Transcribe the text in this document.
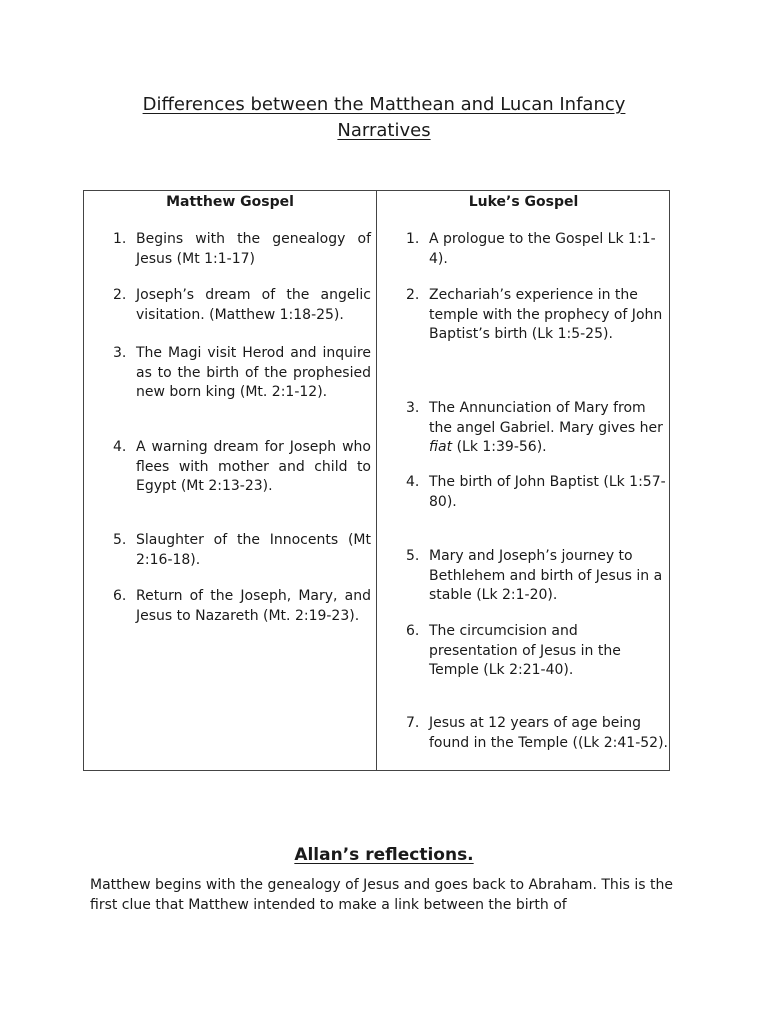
Differences between the Matthean and Lucan Infancy
Narratives
Matthew Gospel
1. Begins with the genealogy of Jesus (Mt 1:1-17)
2. Joseph’s dream of the angelic visitation. (Matthew 1:18-25).
3. The Magi visit Herod and inquire as to the birth of the prophesied new born king (Mt. 2:1-12).
4. A warning dream for Joseph who flees with mother and child to Egypt (Mt 2:13-23).
5. Slaughter of the Innocents (Mt 2:16-18).
6. Return of the Joseph, Mary, and Jesus to Nazareth (Mt. 2:19-23).
Luke’s Gospel
1. A prologue to the Gospel Lk 1:1-4).
2. Zechariah’s experience in the temple with the prophecy of John Baptist’s birth (Lk 1:5-25).
3. The Annunciation of Mary from the angel Gabriel. Mary gives her fiat (Lk 1:39-56).
4. The birth of John Baptist (Lk 1:57-80).
5. Mary and Joseph’s journey to Bethlehem and birth of Jesus in a stable (Lk 2:1-20).
6. The circumcision and presentation of Jesus in the Temple (Lk 2:21-40).
7. Jesus at 12 years of age being found in the Temple ((Lk 2:41-52).
Allan’s reflections.

Matthew begins with the genealogy of Jesus and goes back to Abraham. This is the first clue that Matthew intended to make a link between the birth of
